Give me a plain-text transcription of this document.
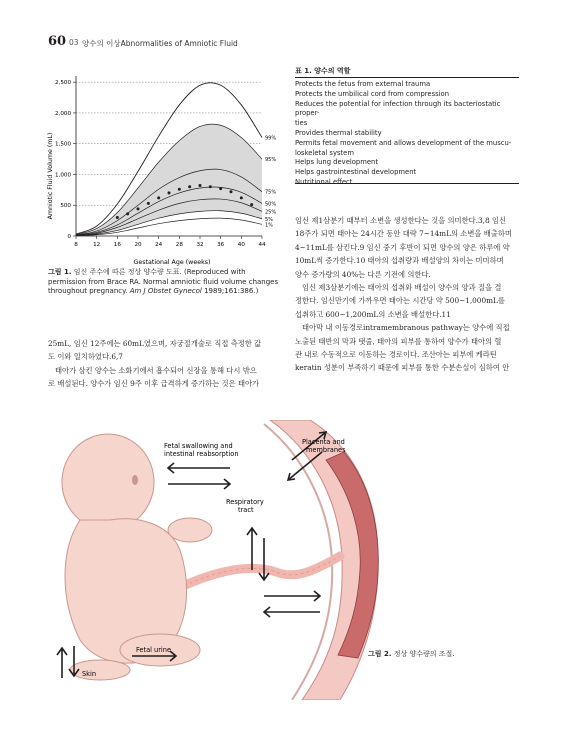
60 03 양수의 이상Abnormalities of Amniotic Fluid
99%
95%
75%
50%
25%
5%
1%
8	12 16 20 24 28 32 36 40 44
0
500
1,000
1,500
2,000
2,500
Gestational Age (weeks)
Amniotic Fluid Volume (mL)
그림 1. 임신 주수에 따른 정상 양수량 도표. (Reproduced with permission from Brace RA. Normal amniotic fluid volume changes throughout pregnancy. Am J Obstet Gynecol 1989;161:386.)
표 1. 양수의 역할
Protects the fetus from external trauma
Protects the umbilical cord from compression
Reduces the potential for infection through its bacteriostatic proper-
ties
Provides thermal stability
Permits fetal movement and allows development of the muscu-
loskeletal system
Helps lung development
Helps gastrointestinal development
Nutritional effect
임신 제1삼분기 때부터 소변을 생성한다는 것을 의미한다.3,8 임신
18주가 되면 태아는 24시간 동안 대략 7~14mL의 소변을 배출하며
4~11mL를 삼킨다.9 임신 중기 후반이 되면 양수의 양은 하루에 약
10mL씩 증가한다.10 태아의 섭취량과 배설양의 차이는 미미하며
양수 증가량의 40%는 다른 기전에 의한다.
임신 제3삼분기에는 태아의 섭취와 배설이 양수의 양과 질을 결
정한다. 임신만기에 가까우면 태아는 시간당 약 500~1,000mL를
섭취하고 600~1,200mL의 소변을 배설한다.11
태아막 내 이동경로intramembranous pathway는 양수에 직접
노출된 태반의 막과 탯줄, 태아의 피부를 통하여 양수가 태아의 혈
관 내로 수동적으로 이동하는 경로이다. 조산아는 피부에 케라틴
keratin 성분이 부족하기 때문에 피부를 통한 수분손실이 심하여 안
25mL, 임신 12주에는 60mL였으며, 자궁절개술로 직접 측정한 값
도 이와 일치하였다.6,7
태아가 삼킨 양수는 소화기에서 흡수되어 신장을 통해 다시 밖으
로 배설된다. 양수가 임신 9주 이후 급격하게 증가하는 것은 태아가
Fetal swallowing and
intestinal reabsorption
Placenta and
membranes
Respiratory
tract
Skin
Fetal urine	그림 2. 정상 양수량의 조절.
